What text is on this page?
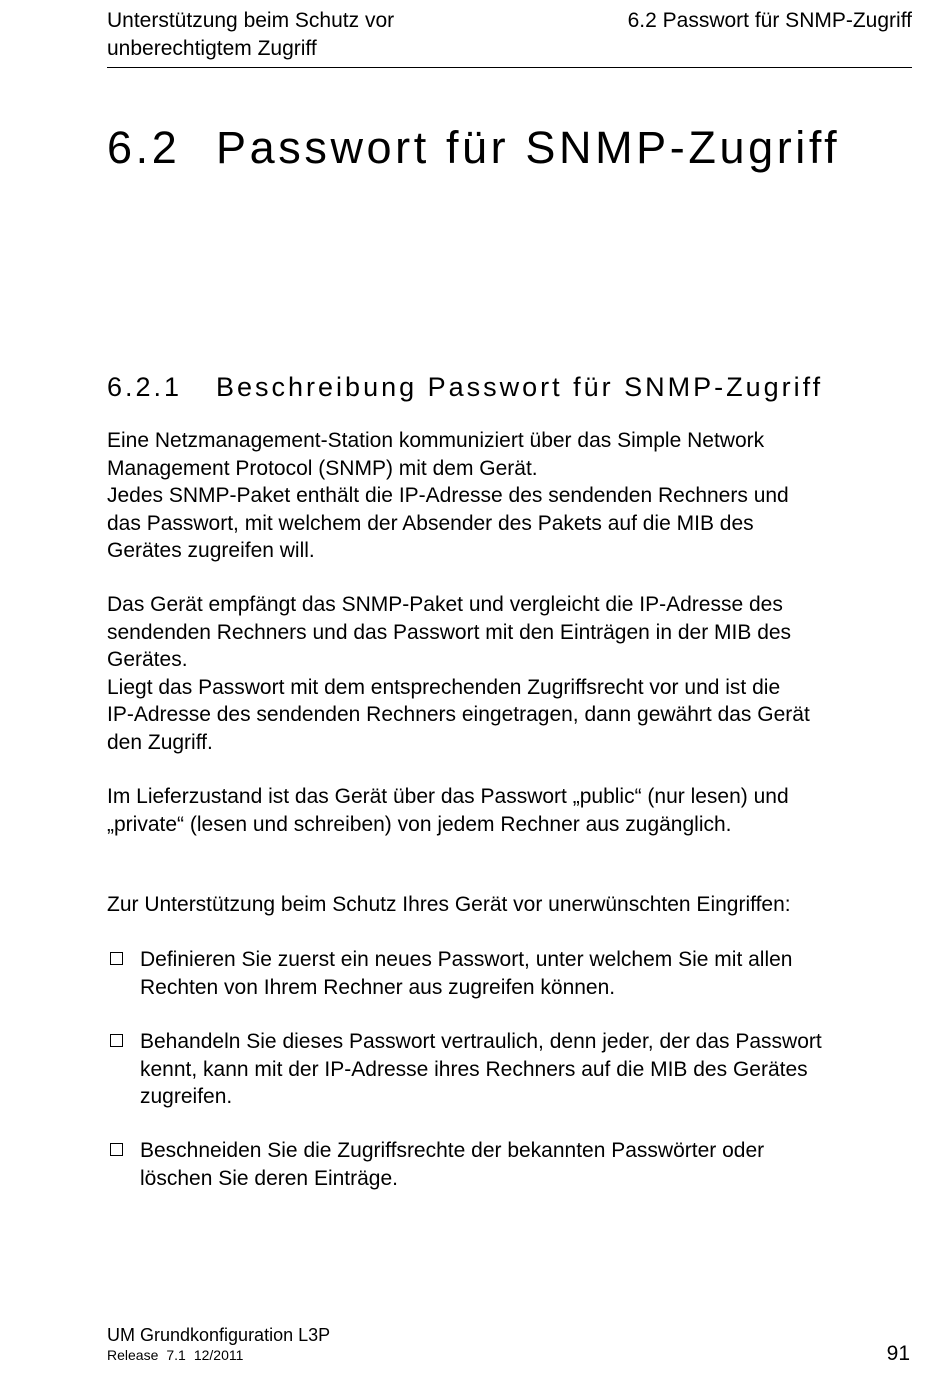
Unterstützung beim Schutz vor
unberechtigtem Zugriff
6.2 Passwort für SNMP-Zugriff
6.2 Passwort für SNMP-Zugriff
6.2.1 Beschreibung Passwort für SNMP-Zugriff
Eine Netzmanagement-Station kommuniziert über das Simple Network
Management Protocol (SNMP) mit dem Gerät.
Jedes SNMP-Paket enthält die IP-Adresse des sendenden Rechners und
das Passwort, mit welchem der Absender des Pakets auf die MIB des
Gerätes zugreifen will.
Das Gerät empfängt das SNMP-Paket und vergleicht die IP-Adresse des
sendenden Rechners und das Passwort mit den Einträgen in der MIB des
Gerätes.
Liegt das Passwort mit dem entsprechenden Zugriffsrecht vor und ist die
IP-Adresse des sendenden Rechners eingetragen, dann gewährt das Gerät
den Zugriff.
Im Lieferzustand ist das Gerät über das Passwort „public“ (nur lesen) und
„private“ (lesen und schreiben) von jedem Rechner aus zugänglich.
Zur Unterstützung beim Schutz Ihres Gerät vor unerwünschten Eingriffen:
Definieren Sie zuerst ein neues Passwort, unter welchem Sie mit allen
Rechten von Ihrem Rechner aus zugreifen können.
Behandeln Sie dieses Passwort vertraulich, denn jeder, der das Passwort
kennt, kann mit der IP-Adresse ihres Rechners auf die MIB des Gerätes
zugreifen.
Beschneiden Sie die Zugriffsrechte der bekannten Passwörter oder
löschen Sie deren Einträge.
UM Grundkonfiguration L3P
Release 7.1 12/2011	91
